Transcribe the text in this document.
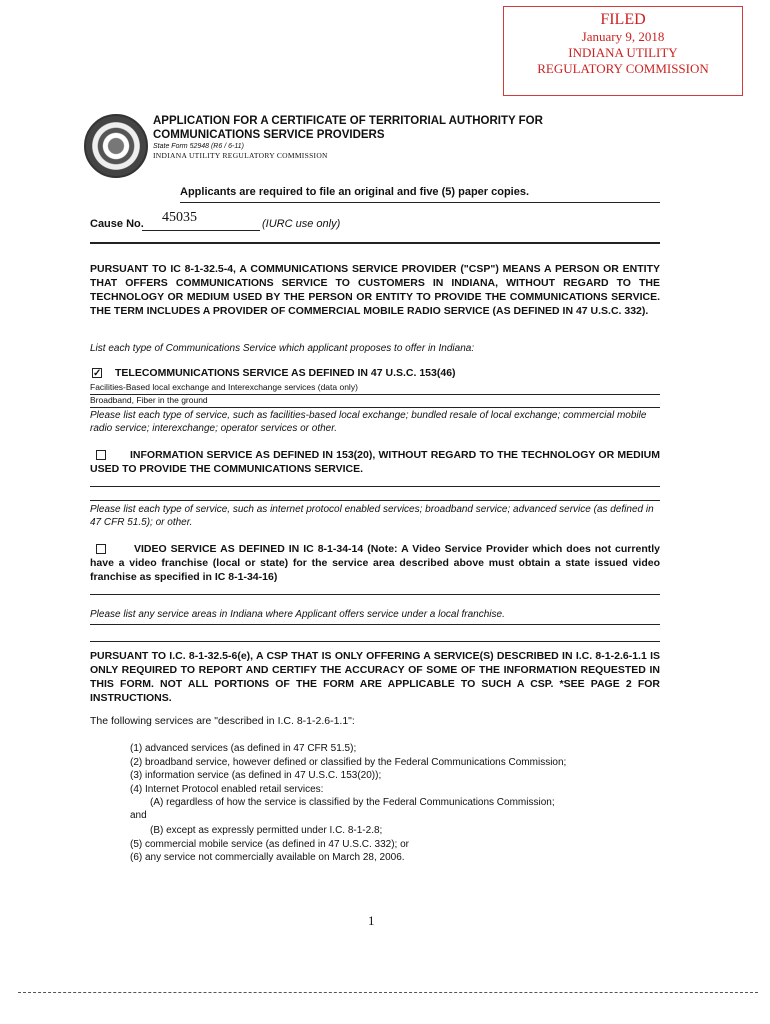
FILED
January 9, 2018
INDIANA UTILITY
REGULATORY COMMISSION
APPLICATION FOR A CERTIFICATE OF TERRITORIAL AUTHORITY FOR
COMMUNICATIONS SERVICE PROVIDERS
State Form 52948 (R6 / 6-11)
INDIANA UTILITY REGULATORY COMMISSION
Applicants are required to file an original and five (5) paper copies.
Cause No. 45035	(IURC use only)
PURSUANT TO IC 8-1-32.5-4, A COMMUNICATIONS SERVICE PROVIDER ("CSP") MEANS A PERSON OR ENTITY THAT OFFERS COMMUNICATIONS SERVICE TO CUSTOMERS IN INDIANA, WITHOUT REGARD TO THE TECHNOLOGY OR MEDIUM USED BY THE PERSON OR ENTITY TO PROVIDE THE COMMUNICATIONS SERVICE. THE TERM INCLUDES A PROVIDER OF COMMERCIAL MOBILE RADIO SERVICE (AS DEFINED IN 47 U.S.C. 332).
List each type of Communications Service which applicant proposes to offer in Indiana:
✓ TELECOMMUNICATIONS SERVICE AS DEFINED IN 47 U.S.C. 153(46)
Facilities-Based local exchange and Interexchange services (data only)
Broadband, Fiber in the ground
Please list each type of service, such as facilities-based local exchange; bundled resale of local exchange; commercial mobile radio service; interexchange; operator services or other.
INFORMATION SERVICE AS DEFINED IN 153(20), WITHOUT REGARD TO THE TECHNOLOGY OR MEDIUM USED TO PROVIDE THE COMMUNICATIONS SERVICE.
Please list each type of service, such as internet protocol enabled services; broadband service; advanced service (as defined in 47 CFR 51.5); or other.
VIDEO SERVICE AS DEFINED IN IC 8-1-34-14 (Note: A Video Service Provider which does not currently have a video franchise (local or state) for the service area described above must obtain a state issued video franchise as specified in IC 8-1-34-16)
Please list any service areas in Indiana where Applicant offers service under a local franchise.
PURSUANT TO I.C. 8-1-32.5-6(e), A CSP THAT IS ONLY OFFERING A SERVICE(S) DESCRIBED IN I.C. 8-1-2.6-1.1 IS ONLY REQUIRED TO REPORT AND CERTIFY THE ACCURACY OF SOME OF THE INFORMATION REQUESTED IN THIS FORM. NOT ALL PORTIONS OF THE FORM ARE APPLICABLE TO SUCH A CSP. *SEE PAGE 2 FOR INSTRUCTIONS.
The following services are "described in I.C. 8-1-2.6-1.1":
(1) advanced services (as defined in 47 CFR 51.5);
(2) broadband service, however defined or classified by the Federal Communications Commission;
(3) information service (as defined in 47 U.S.C. 153(20));
(4) Internet Protocol enabled retail services:
(A) regardless of how the service is classified by the Federal Communications Commission;
and
(B) except as expressly permitted under I.C. 8-1-2.8;
(5) commercial mobile service (as defined in 47 U.S.C. 332); or
(6) any service not commercially available on March 28, 2006.
1
